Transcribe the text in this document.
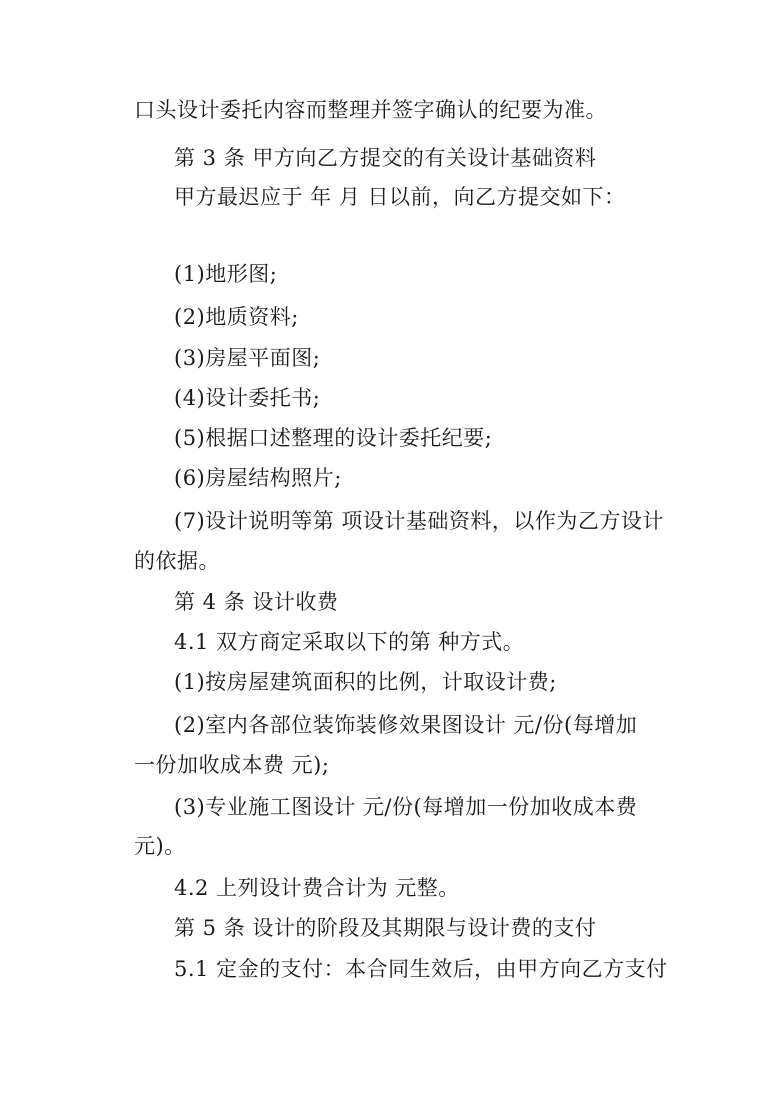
口头设计委托内容而整理并签字确认的纪要为准。
第 3 条 甲方向乙方提交的有关设计基础资料
甲方最迟应于 年 月 日以前，向乙方提交如下：
(1)地形图;
(2)地质资料;
(3)房屋平面图;
(4)设计委托书;
(5)根据口述整理的设计委托纪要;
(6)房屋结构照片;
(7)设计说明等第 项设计基础资料，以作为乙方设计
的依据。
第 4 条 设计收费
4.1 双方商定采取以下的第 种方式。
(1)按房屋建筑面积的比例，计取设计费;
(2)室内各部位装饰装修效果图设计 元/份(每增加
一份加收成本费 元);
(3)专业施工图设计 元/份(每增加一份加收成本费
元)。
4.2 上列设计费合计为 元整。
第 5 条 设计的阶段及其期限与设计费的支付
5.1 定金的支付：本合同生效后，由甲方向乙方支付
